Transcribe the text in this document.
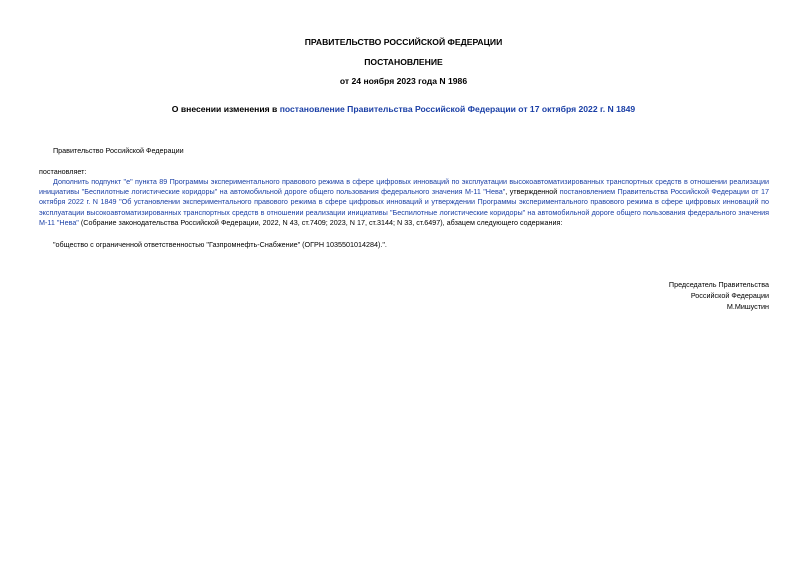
ПРАВИТЕЛЬСТВО РОССИЙСКОЙ ФЕДЕРАЦИИ
ПОСТАНОВЛЕНИЕ
от 24 ноября 2023 года N 1986
О внесении изменения в постановление Правительства Российской Федерации от 17 октября 2022 г. N 1849
Правительство Российской Федерации
постановляет:
Дополнить подпункт "е" пункта 89 Программы экспериментального правового режима в сфере цифровых инноваций по эксплуатации высокоавтоматизированных транспортных средств в отношении реализации инициативы "Беспилотные логистические коридоры" на автомобильной дороге общего пользования федерального значения М-11 "Нева", утвержденной постановлением Правительства Российской Федерации от 17 октября 2022 г. N 1849 "Об установлении экспериментального правового режима в сфере цифровых инноваций и утверждении Программы экспериментального правового режима в сфере цифровых инноваций по эксплуатации высокоавтоматизированных транспортных средств в отношении реализации инициативы "Беспилотные логистические коридоры" на автомобильной дороге общего пользования федерального значения М-11 "Нева" (Собрание законодательства Российской Федерации, 2022, N 43, ст.7409; 2023, N 17, ст.3144; N 33, ст.6497), абзацем следующего содержания:
"общество с ограниченной ответственностью "Газпромнефть-Снабжение" (ОГРН 1035501014284).".
Председатель Правительства
Российской Федерации
М.Мишустин
